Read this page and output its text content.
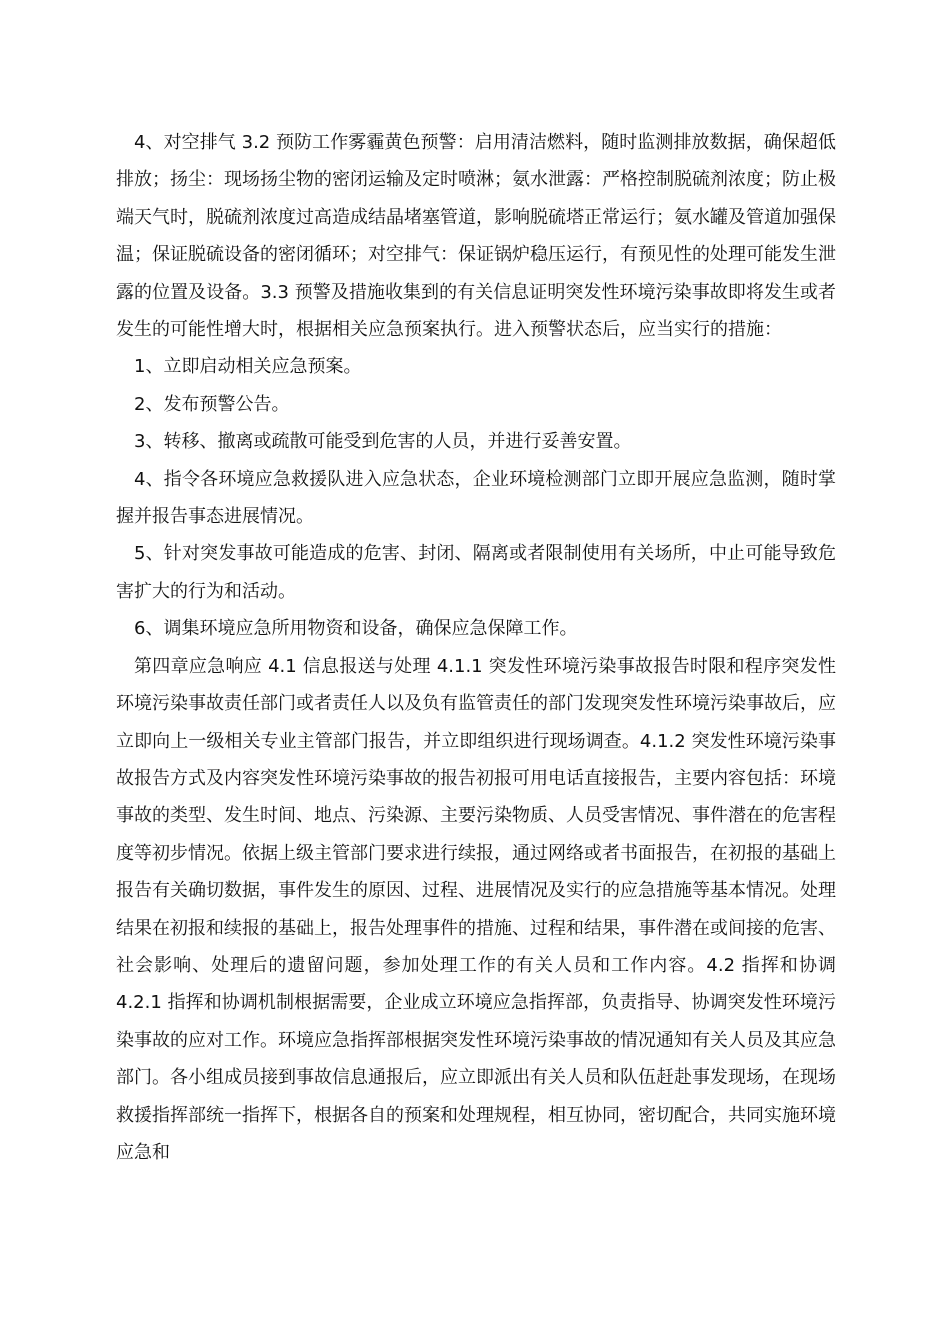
4、对空排气 3.2 预防工作雾霾黄色预警：启用清洁燃料，随时监测排放数据，确保超低排放；扬尘：现场扬尘物的密闭运输及定时喷淋；氨水泄露：严格控制脱硫剂浓度；防止极端天气时，脱硫剂浓度过高造成结晶堵塞管道，影响脱硫塔正常运行；氨水罐及管道加强保温；保证脱硫设备的密闭循环；对空排气：保证锅炉稳压运行，有预见性的处理可能发生泄露的位置及设备。3.3 预警及措施收集到的有关信息证明突发性环境污染事故即将发生或者发生的可能性增大时，根据相关应急预案执行。进入预警状态后，应当实行的措施：

1、立即启动相关应急预案。

2、发布预警公告。

3、转移、撤离或疏散可能受到危害的人员，并进行妥善安置。

4、指令各环境应急救援队进入应急状态，企业环境检测部门立即开展应急监测，随时掌握并报告事态进展情况。

5、针对突发事故可能造成的危害、封闭、隔离或者限制使用有关场所，中止可能导致危害扩大的行为和活动。

6、调集环境应急所用物资和设备，确保应急保障工作。

第四章应急响应 4.1 信息报送与处理 4.1.1 突发性环境污染事故报告时限和程序突发性环境污染事故责任部门或者责任人以及负有监管责任的部门发现突发性环境污染事故后，应立即向上一级相关专业主管部门报告，并立即组织进行现场调查。4.1.2 突发性环境污染事故报告方式及内容突发性环境污染事故的报告初报可用电话直接报告，主要内容包括：环境事故的类型、发生时间、地点、污染源、主要污染物质、人员受害情况、事件潜在的危害程度等初步情况。依据上级主管部门要求进行续报，通过网络或者书面报告，在初报的基础上报告有关确切数据，事件发生的原因、过程、进展情况及实行的应急措施等基本情况。处理结果在初报和续报的基础上，报告处理事件的措施、过程和结果，事件潜在或间接的危害、社会影响、处理后的遗留问题，参加处理工作的有关人员和工作内容。4.2 指挥和协调 4.2.1 指挥和协调机制根据需要，企业成立环境应急指挥部，负责指导、协调突发性环境污染事故的应对工作。环境应急指挥部根据突发性环境污染事故的情况通知有关人员及其应急部门。各小组成员接到事故信息通报后，应立即派出有关人员和队伍赶赴事发现场，在现场救援指挥部统一指挥下，根据各自的预案和处理规程，相互协同，密切配合，共同实施环境应急和
